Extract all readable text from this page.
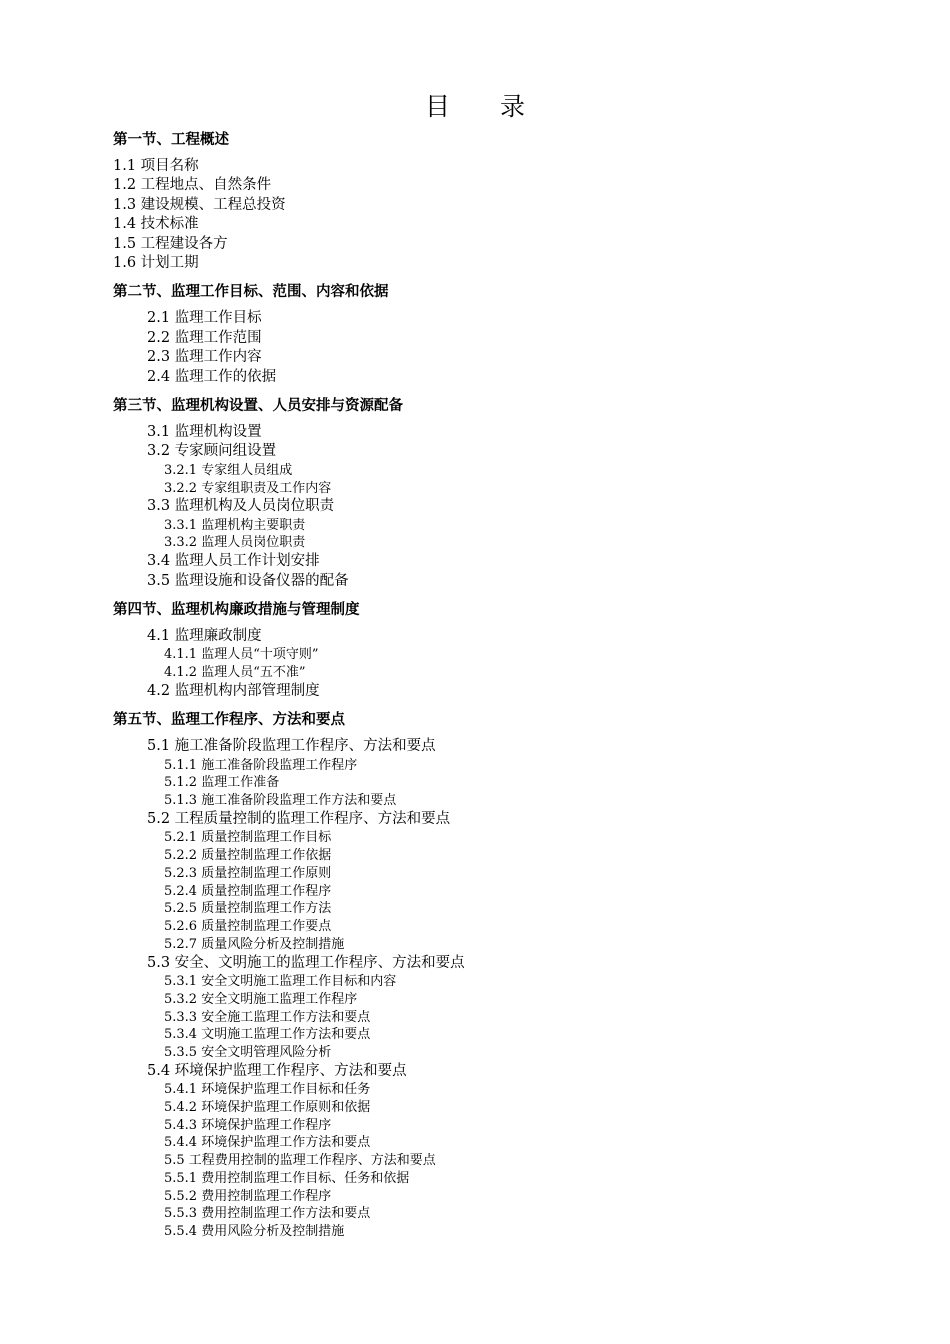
目　　录
第一节、工程概述
1.1 项目名称
1.2 工程地点、自然条件
1.3 建设规模、工程总投资
1.4 技术标准
1.5 工程建设各方
1.6 计划工期
第二节、监理工作目标、范围、内容和依据
2.1 监理工作目标
2.2 监理工作范围
2.3 监理工作内容
2.4 监理工作的依据
第三节、监理机构设置、人员安排与资源配备
3.1 监理机构设置
3.2 专家顾问组设置
3.2.1 专家组人员组成
3.2.2 专家组职责及工作内容
3.3 监理机构及人员岗位职责
3.3.1 监理机构主要职责
3.3.2 监理人员岗位职责
3.4 监理人员工作计划安排
3.5 监理设施和设备仪器的配备
第四节、监理机构廉政措施与管理制度
4.1 监理廉政制度
4.1.1 监理人员“十项守则”
4.1.2 监理人员“五不准”
4.2 监理机构内部管理制度
第五节、监理工作程序、方法和要点
5.1 施工准备阶段监理工作程序、方法和要点
5.1.1 施工准备阶段监理工作程序
5.1.2 监理工作准备
5.1.3 施工准备阶段监理工作方法和要点
5.2 工程质量控制的监理工作程序、方法和要点
5.2.1 质量控制监理工作目标
5.2.2 质量控制监理工作依据
5.2.3 质量控制监理工作原则
5.2.4 质量控制监理工作程序
5.2.5 质量控制监理工作方法
5.2.6 质量控制监理工作要点
5.2.7 质量风险分析及控制措施
5.3 安全、文明施工的监理工作程序、方法和要点
5.3.1 安全文明施工监理工作目标和内容
5.3.2 安全文明施工监理工作程序
5.3.3 安全施工监理工作方法和要点
5.3.4 文明施工监理工作方法和要点
5.3.5 安全文明管理风险分析
5.4 环境保护监理工作程序、方法和要点
5.4.1 环境保护监理工作目标和任务
5.4.2 环境保护监理工作原则和依据
5.4.3 环境保护监理工作程序
5.4.4 环境保护监理工作方法和要点
5.5 工程费用控制的监理工作程序、方法和要点
5.5.1 费用控制监理工作目标、任务和依据
5.5.2 费用控制监理工作程序
5.5.3 费用控制监理工作方法和要点
5.5.4 费用风险分析及控制措施
